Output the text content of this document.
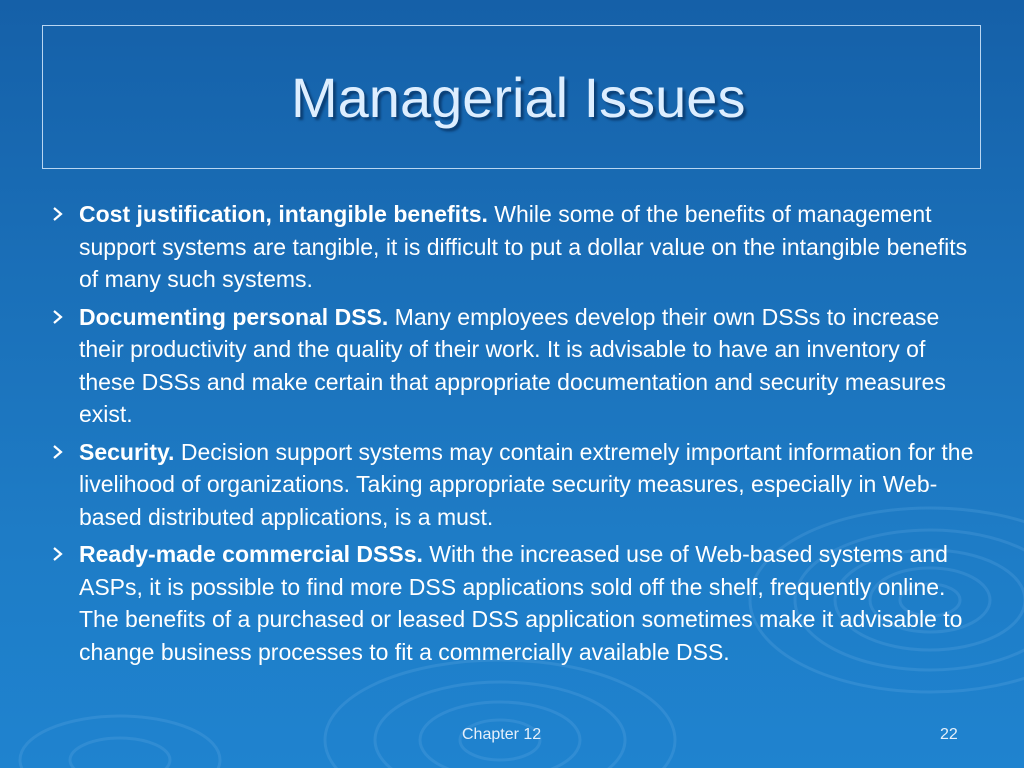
Managerial Issues
Cost justification, intangible benefits. While some of the benefits of management support systems are tangible, it is difficult to put a dollar value on the intangible benefits of many such systems.
Documenting personal DSS. Many employees develop their own DSSs to increase their productivity and the quality of their work. It is advisable to have an inventory of these DSSs and make certain that appropriate documentation and security measures exist.
Security. Decision support systems may contain extremely important information for the livelihood of organizations. Taking appropriate security measures, especially in Web-based distributed applications, is a must.
Ready-made commercial DSSs. With the increased use of Web-based systems and ASPs, it is possible to find more DSS applications sold off the shelf, frequently online. The benefits of a purchased or leased DSS application sometimes make it advisable to change business processes to fit a commercially available DSS.
Chapter 12	22
